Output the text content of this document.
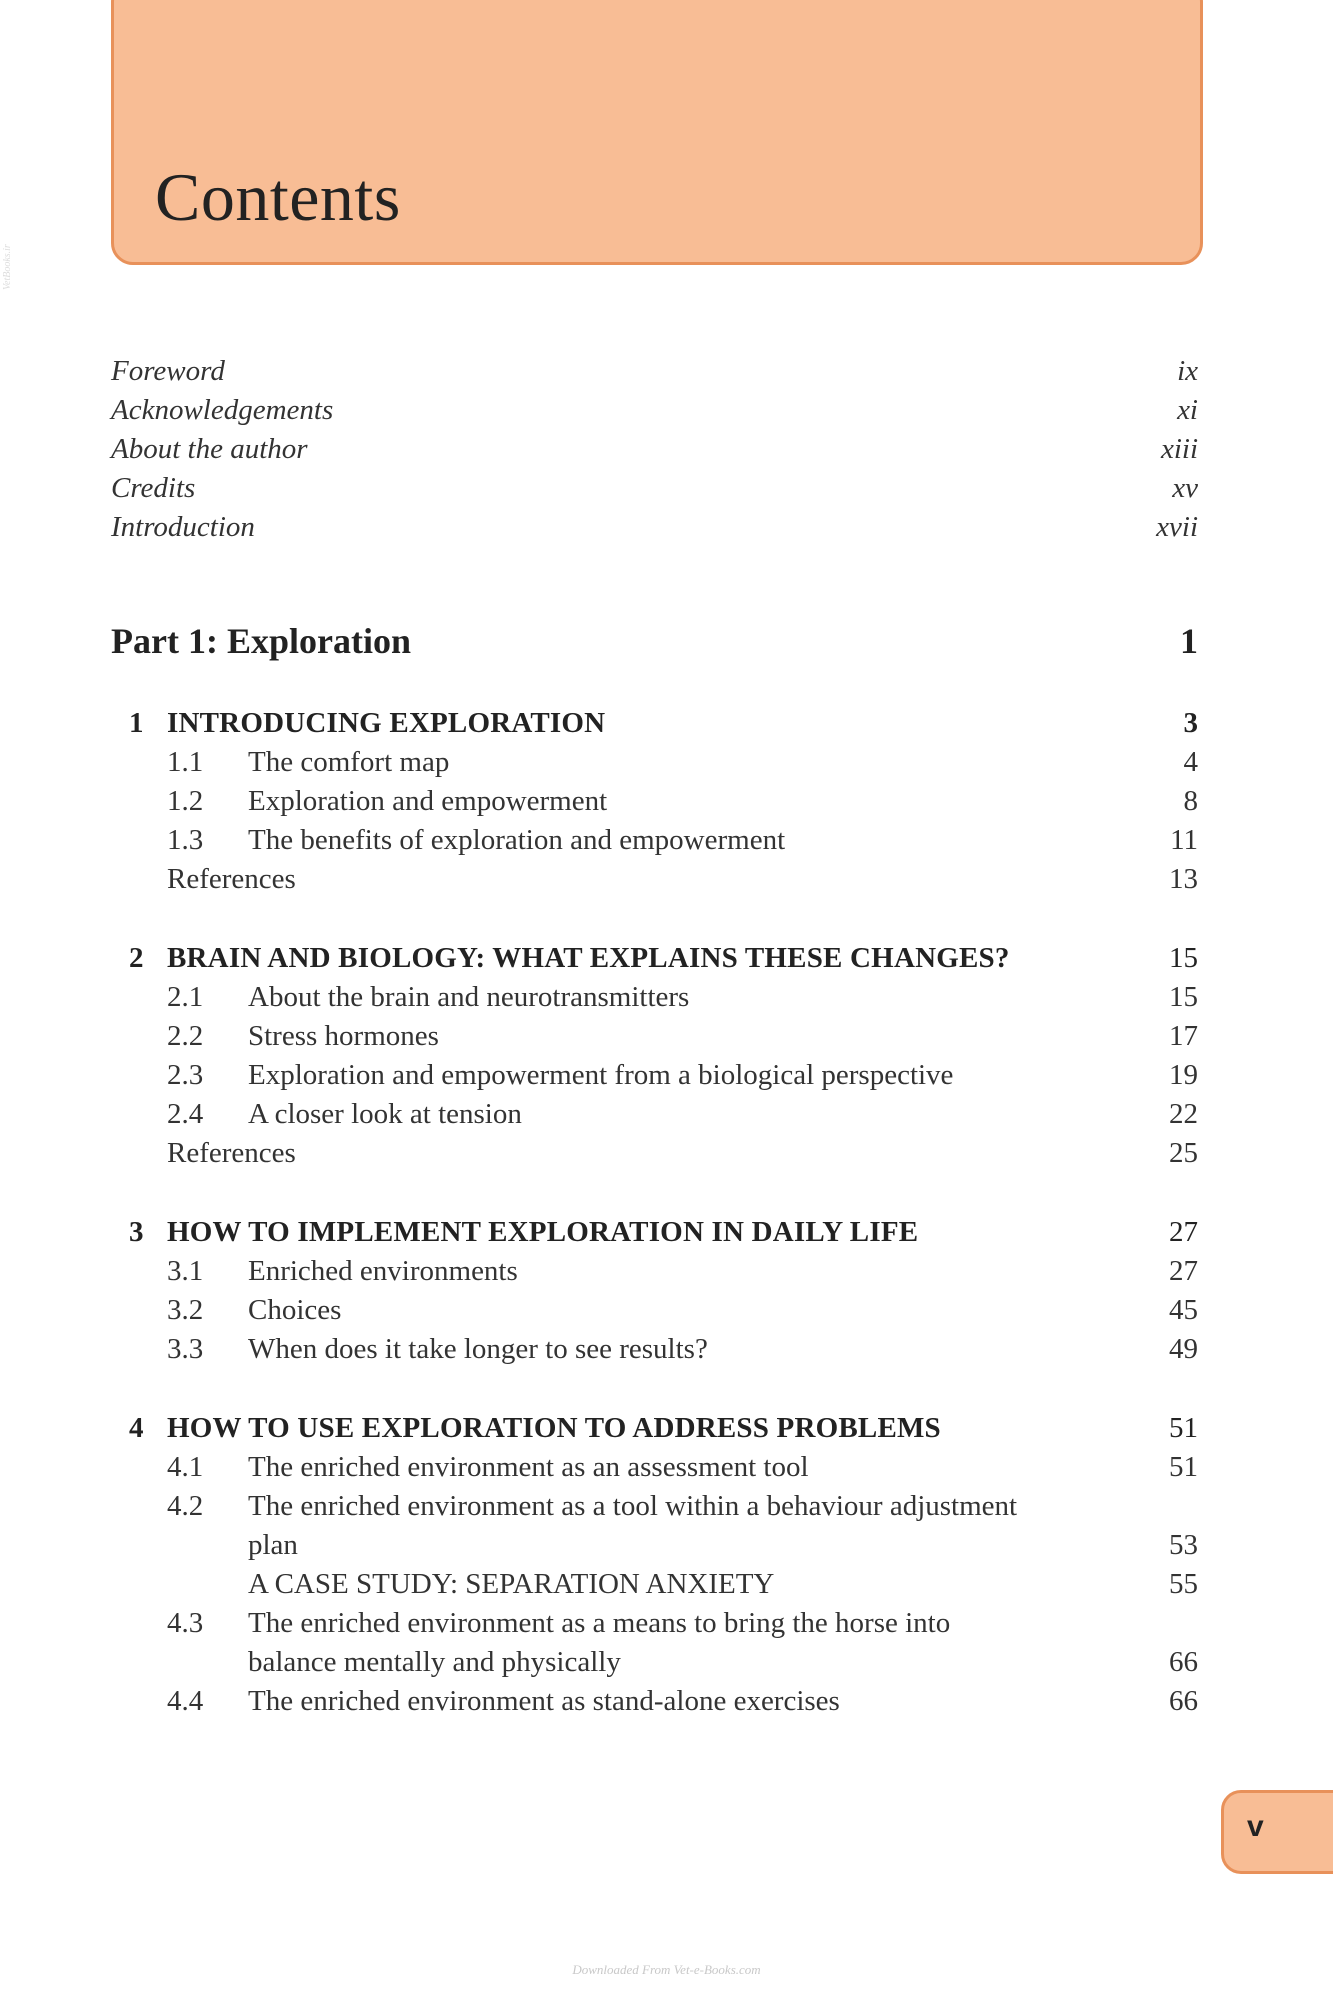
Contents
VetBooks.ir
Foreword	ix
Acknowledgements	xi
About the author	xiii
Credits	xv
Introduction	xvii
Part 1: Exploration	1
1 INTRODUCING EXPLORATION	3
1.1 The comfort map	4
1.2 Exploration and empowerment	8
1.3 The benefits of exploration and empowerment	11
References	13
2 BRAIN AND BIOLOGY: WHAT EXPLAINS THESE CHANGES?	15
2.1 About the brain and neurotransmitters	15
2.2 Stress hormones	17
2.3 Exploration and empowerment from a biological perspective	19
2.4 A closer look at tension	22
References	25
3 HOW TO IMPLEMENT EXPLORATION IN DAILY LIFE	27
3.1 Enriched environments	27
3.2 Choices	45
3.3 When does it take longer to see results?	49
4 HOW TO USE EXPLORATION TO ADDRESS PROBLEMS	51
4.1 The enriched environment as an assessment tool	51
4.2 The enriched environment as a tool within a behaviour adjustment
plan	53
A CASE STUDY: SEPARATION ANXIETY	55
4.3 The enriched environment as a means to bring the horse into
balance mentally and physically	66
4.4 The enriched environment as stand-alone exercises	66
v
Downloaded From Vet-e-Books.com
